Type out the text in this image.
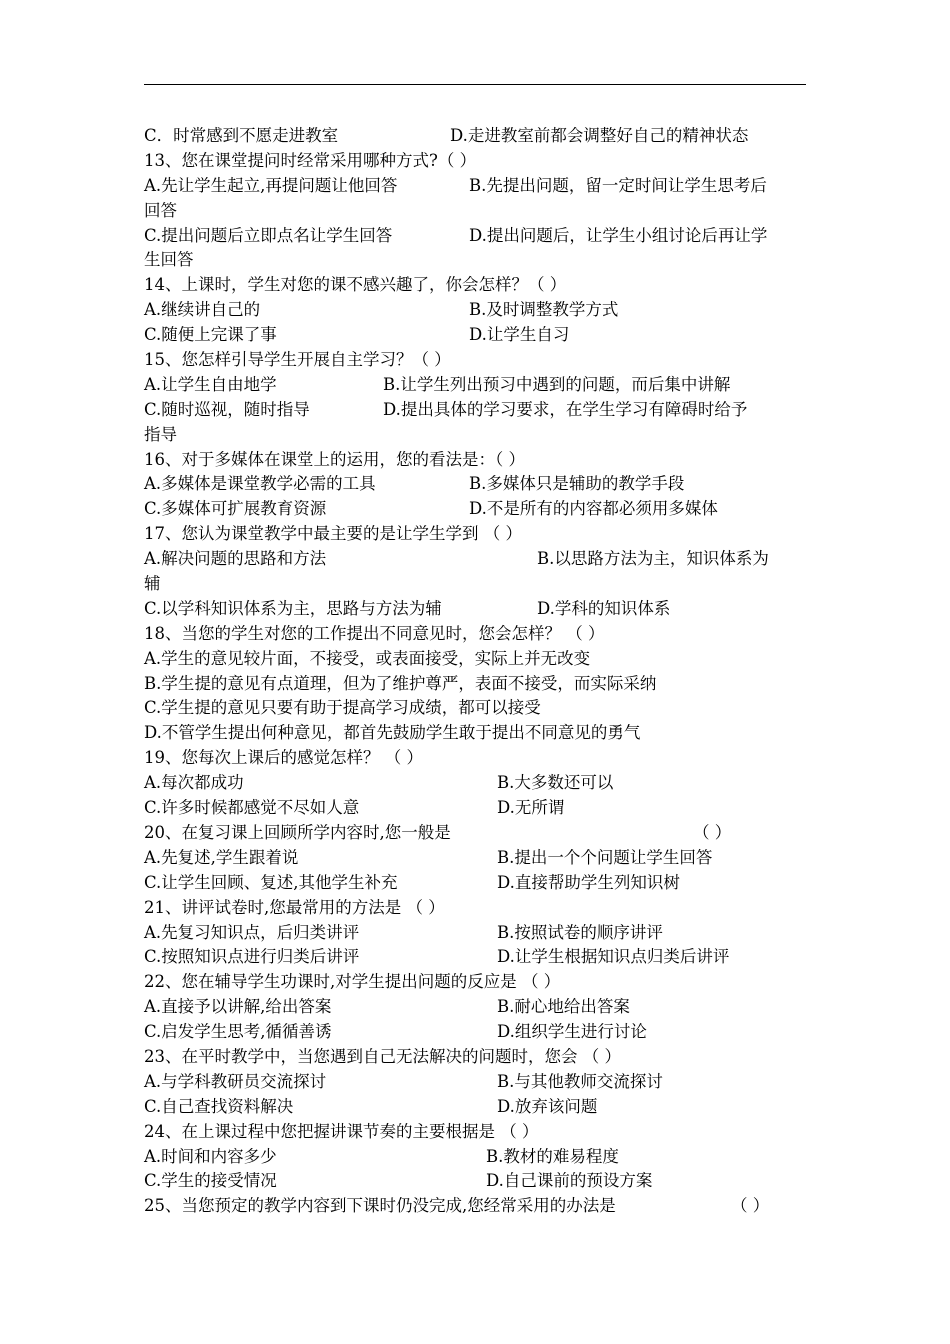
C．时常感到不愿走进教室	D.走进教室前都会调整好自己的精神状态
13、您在课堂提问时经常采用哪种方式?（ ）
A.先让学生起立,再提问题让他回答	B.先提出问题，留一定时间让学生思考后
回答
C.提出问题后立即点名让学生回答	D.提出问题后，让学生小组讨论后再让学
生回答
14、上课时，学生对您的课不感兴趣了，你会怎样？（ ）
A.继续讲自己的	B.及时调整教学方式
C.随便上完课了事	D.让学生自习
15、您怎样引导学生开展自主学习？（ ）
A.让学生自由地学	B.让学生列出预习中遇到的问题，而后集中讲解
C.随时巡视，随时指导	D.提出具体的学习要求，在学生学习有障碍时给予
指导
16、对于多媒体在课堂上的运用，您的看法是：（ ）
A.多媒体是课堂教学必需的工具	B.多媒体只是辅助的教学手段
C.多媒体可扩展教育资源	D.不是所有的内容都必须用多媒体
17、您认为课堂教学中最主要的是让学生学到 （ ）
A.解决问题的思路和方法	B.以思路方法为主，知识体系为
辅
C.以学科知识体系为主，思路与方法为辅	D.学科的知识体系
18、当您的学生对您的工作提出不同意见时，您会怎样？ （ ）
A.学生的意见较片面，不接受，或表面接受，实际上并无改变
B.学生提的意见有点道理，但为了维护尊严，表面不接受，而实际采纳
C.学生提的意见只要有助于提高学习成绩，都可以接受
D.不管学生提出何种意见，都首先鼓励学生敢于提出不同意见的勇气
19、您每次上课后的感觉怎样？ （ ）
A.每次都成功	B.大多数还可以
C.许多时候都感觉不尽如人意	D.无所谓
20、在复习课上回顾所学内容时,您一般是	（ ）
A.先复述,学生跟着说	B.提出一个个问题让学生回答
C.让学生回顾、复述,其他学生补充	D.直接帮助学生列知识树
21、讲评试卷时,您最常用的方法是 （ ）
A.先复习知识点，后归类讲评	B.按照试卷的顺序讲评
C.按照知识点进行归类后讲评	D.让学生根据知识点归类后讲评
22、您在辅导学生功课时,对学生提出问题的反应是 （ ）
A.直接予以讲解,给出答案	B.耐心地给出答案
C.启发学生思考,循循善诱	D.组织学生进行讨论
23、在平时教学中，当您遇到自己无法解决的问题时，您会 （ ）
A.与学科教研员交流探讨	B.与其他教师交流探讨
C.自己查找资料解决	D.放弃该问题
24、在上课过程中您把握讲课节奏的主要根据是 （ ）
A.时间和内容多少	B.教材的难易程度
C.学生的接受情况	D.自己课前的预设方案
25、当您预定的教学内容到下课时仍没完成,您经常采用的办法是	（ ）
